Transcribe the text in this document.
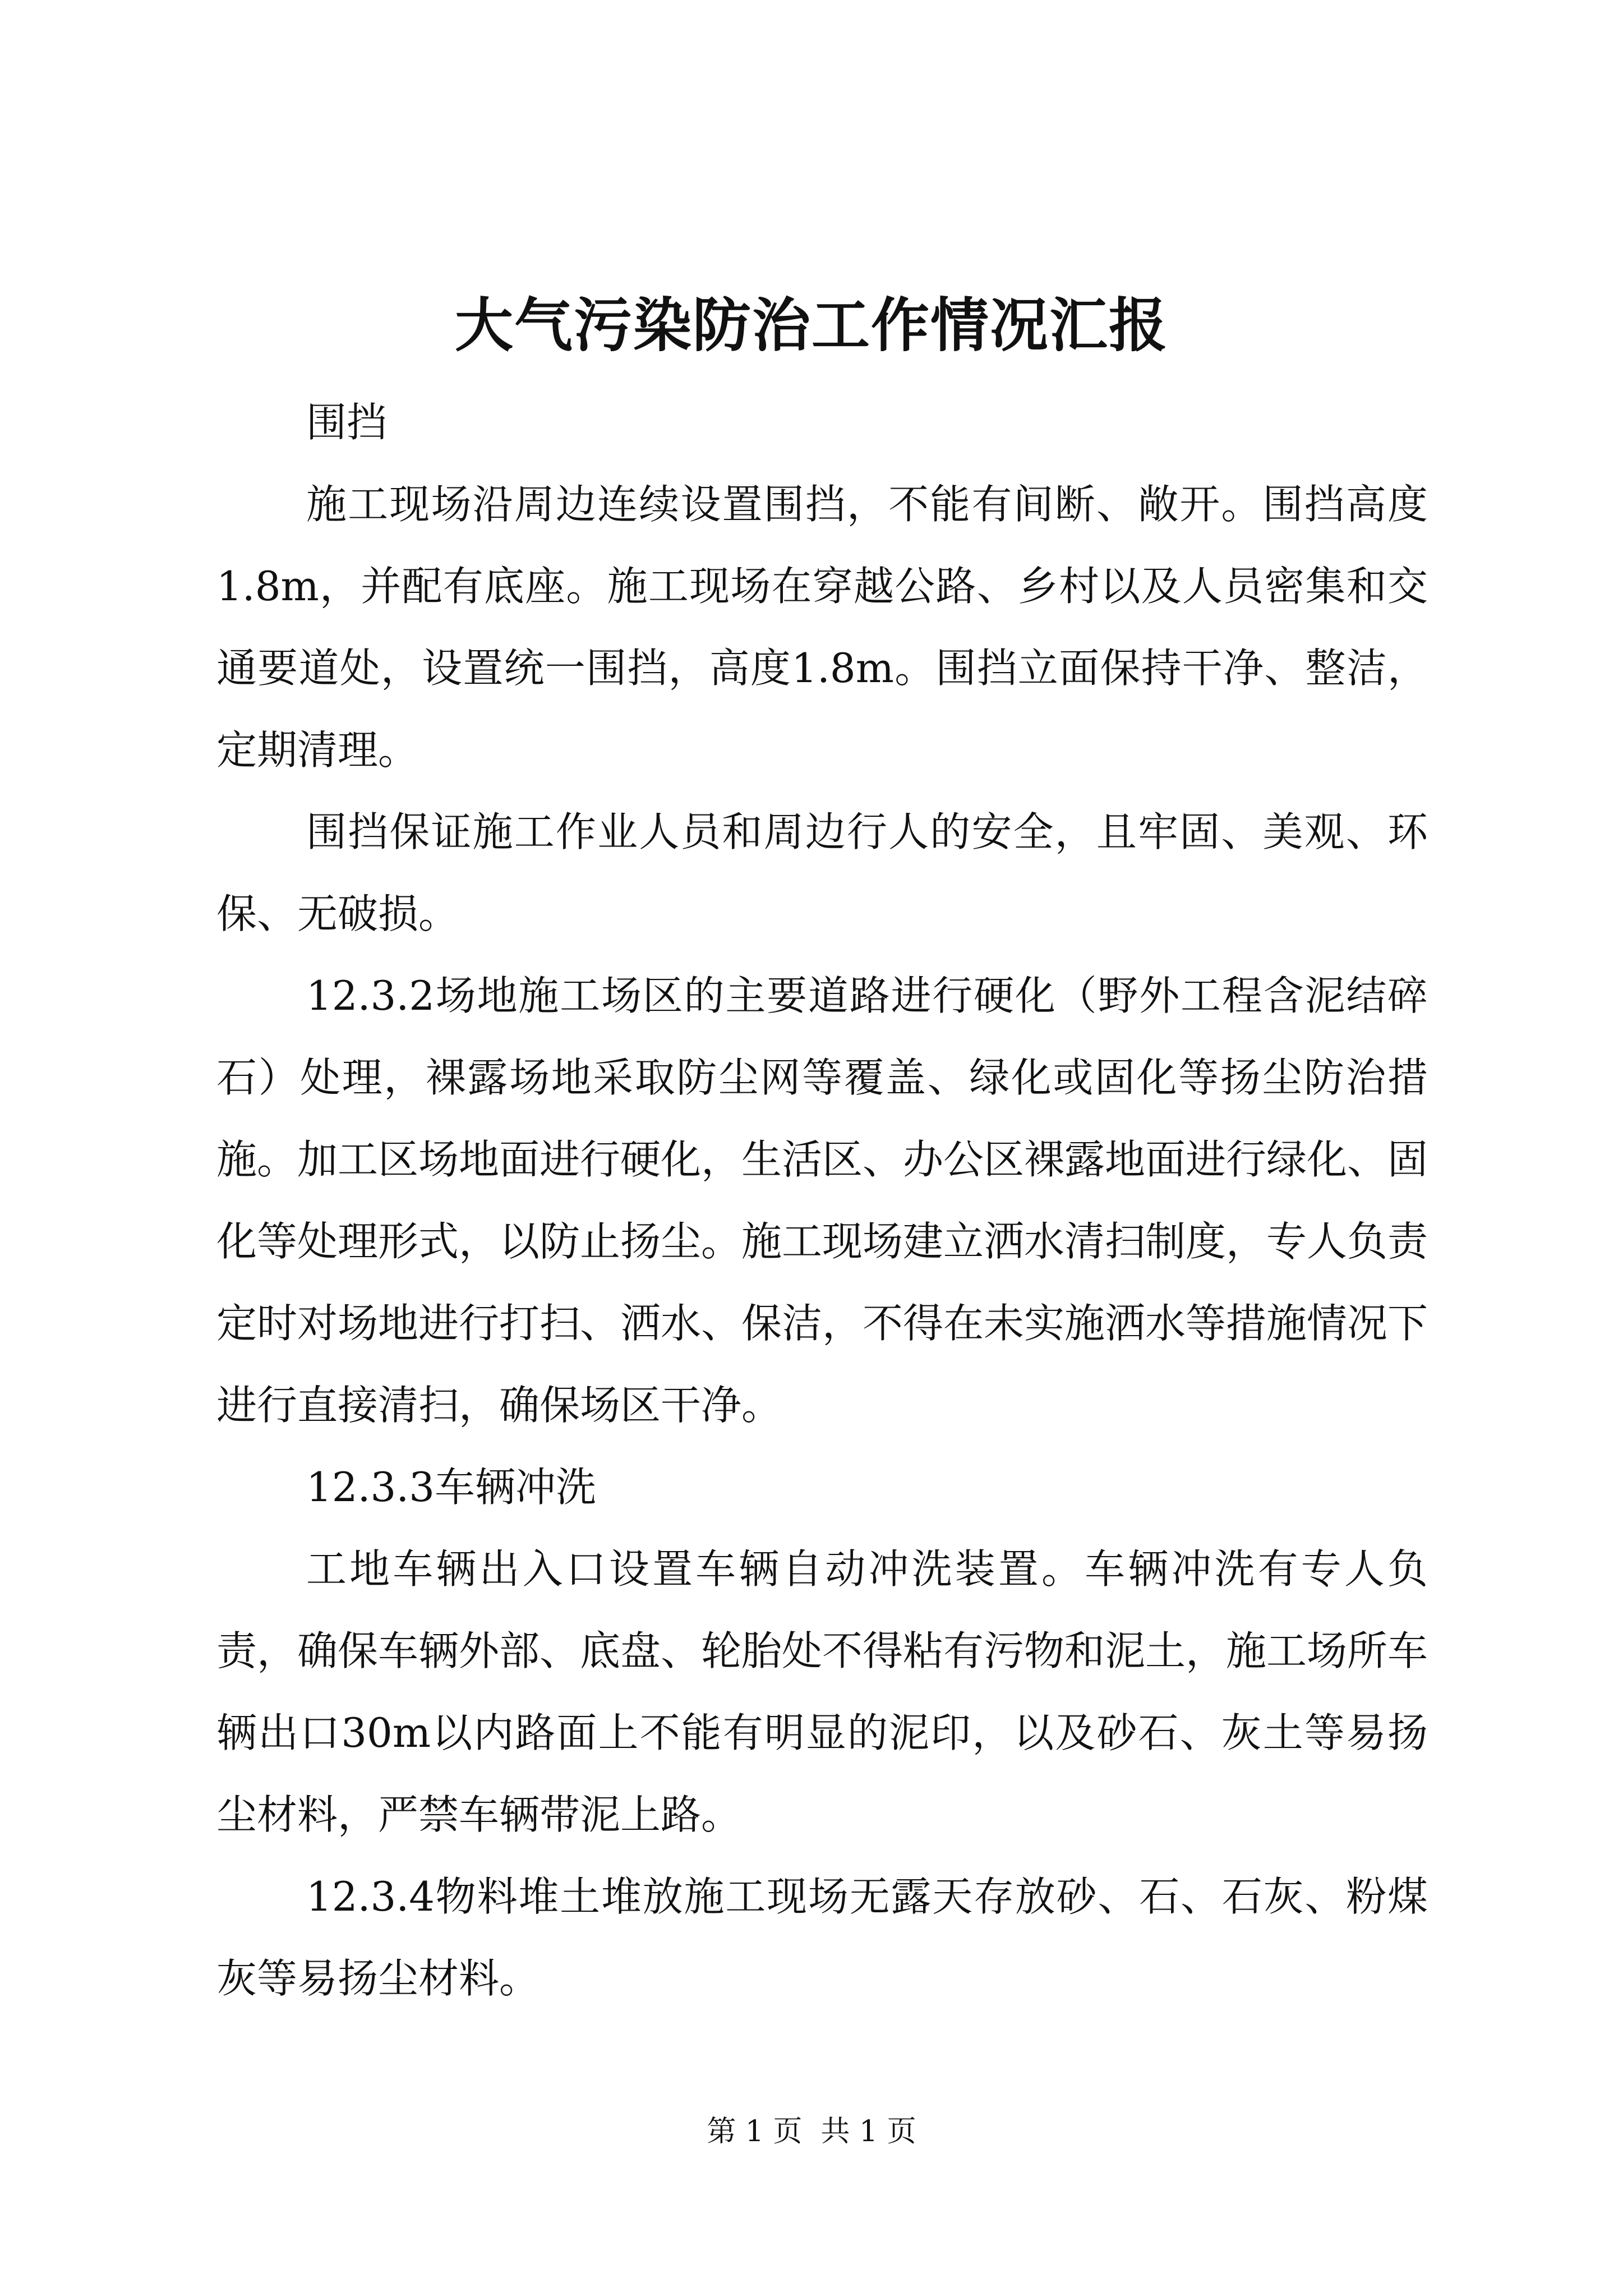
大气污染防治工作情况汇报

围挡

施工现场沿周边连续设置围挡，不能有间断、敞开。围挡高度1.8m，并配有底座。施工现场在穿越公路、乡村以及人员密集和交通要道处，设置统一围挡，高度1.8m。围挡立面保持干净、整洁，定期清理。

围挡保证施工作业人员和周边行人的安全，且牢固、美观、环保、无破损。

12.3.2场地施工场区的主要道路进行硬化（野外工程含泥结碎石）处理，裸露场地采取防尘网等覆盖、绿化或固化等扬尘防治措施。加工区场地面进行硬化，生活区、办公区裸露地面进行绿化、固化等处理形式，以防止扬尘。施工现场建立洒水清扫制度，专人负责定时对场地进行打扫、洒水、保洁，不得在未实施洒水等措施情况下进行直接清扫，确保场区干净。

12.3.3车辆冲洗

工地车辆出入口设置车辆自动冲洗装置。车辆冲洗有专人负责，确保车辆外部、底盘、轮胎处不得粘有污物和泥土，施工场所车辆出口30m以内路面上不能有明显的泥印，以及砂石、灰土等易扬尘材料，严禁车辆带泥上路。

12.3.4物料堆土堆放施工现场无露天存放砂、石、石灰、粉煤灰等易扬尘材料。

第 1 页  共 1 页
